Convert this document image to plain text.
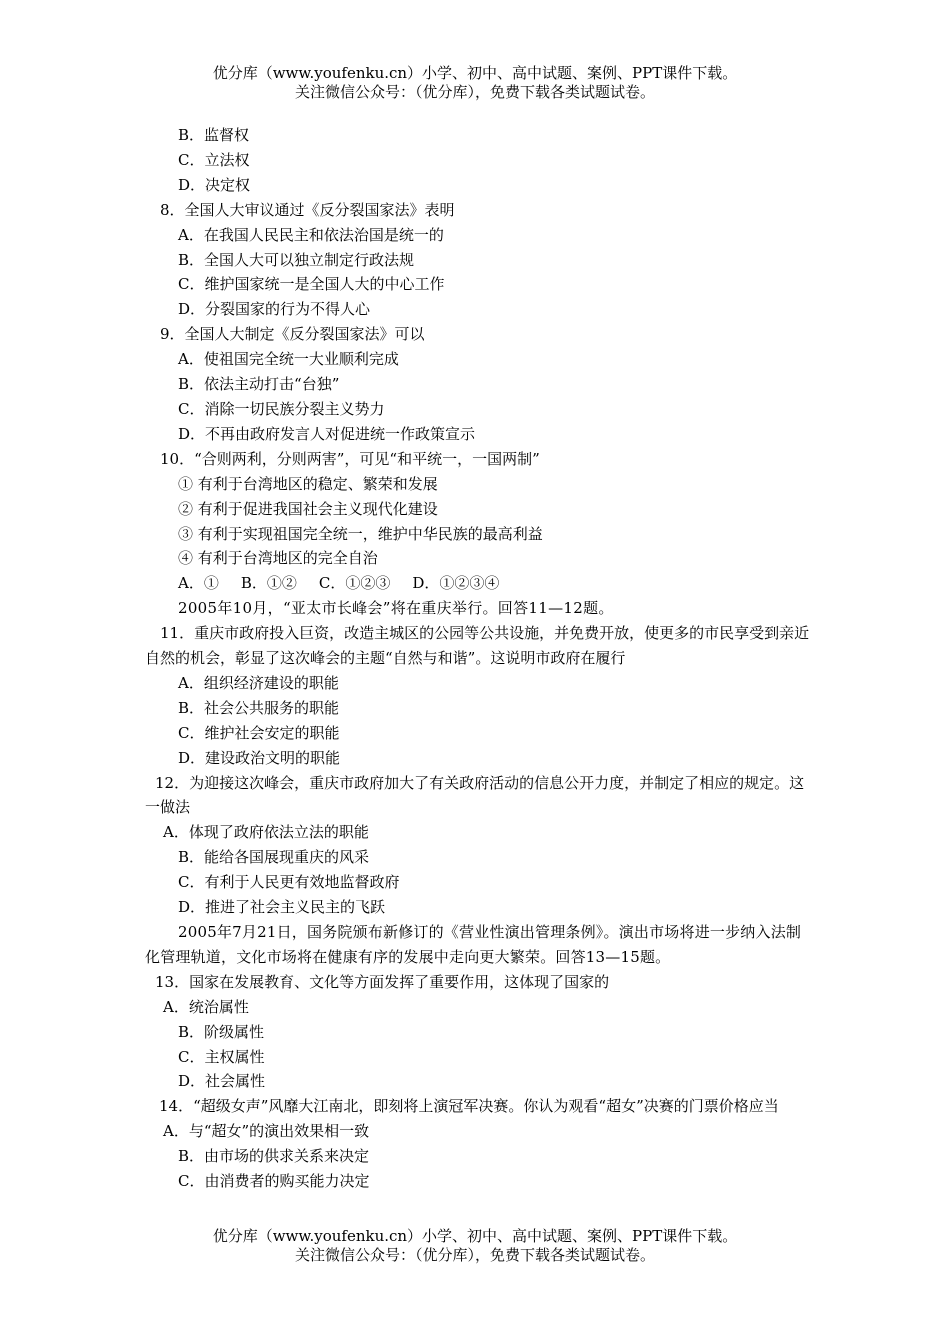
优分库（www.youfenku.cn）小学、初中、高中试题、案例、PPT课件下载。
关注微信公众号：（优分库），免费下载各类试题试卷。
B．监督权
C．立法权
D．决定权
8．全国人大审议通过《反分裂国家法》表明
A．在我国人民民主和依法治国是统一的
B．全国人大可以独立制定行政法规
C．维护国家统一是全国人大的中心工作
D．分裂国家的行为不得人心
9．全国人大制定《反分裂国家法》可以
A．使祖国完全统一大业顺利完成
B．依法主动打击“台独”
C．消除一切民族分裂主义势力
D．不再由政府发言人对促进统一作政策宣示
10．“合则两利，分则两害”，可见“和平统一，一国两制”
① 有利于台湾地区的稳定、繁荣和发展
② 有利于促进我国社会主义现代化建设
③ 有利于实现祖国完全统一，维护中华民族的最高利益
④ 有利于台湾地区的完全自治
A．① B．①② C．①②③ D．①②③④
2005年10月，“亚太市长峰会”将在重庆举行。回答11—12题。
11．重庆市政府投入巨资，改造主城区的公园等公共设施，并免费开放，使更多的市民享受到亲近自然的机会，彰显了这次峰会的主题“自然与和谐”。这说明市政府在履行
A．组织经济建设的职能
B．社会公共服务的职能
C．维护社会安定的职能
D．建设政治文明的职能
12．为迎接这次峰会，重庆市政府加大了有关政府活动的信息公开力度，并制定了相应的规定。这一做法
A．体现了政府依法立法的职能
B．能给各国展现重庆的风采
C．有利于人民更有效地监督政府
D．推进了社会主义民主的飞跃
2005年7月21日，国务院颁布新修订的《营业性演出管理条例》。演出市场将进一步纳入法制化管理轨道，文化市场将在健康有序的发展中走向更大繁荣。回答13—15题。
13．国家在发展教育、文化等方面发挥了重要作用，这体现了国家的
A．统治属性
B．阶级属性
C．主权属性
D．社会属性
14．“超级女声”风靡大江南北，即刻将上演冠军决赛。你认为观看“超女”决赛的门票价格应当
A．与“超女”的演出效果相一致
B．由市场的供求关系来决定
C．由消费者的购买能力决定
优分库（www.youfenku.cn）小学、初中、高中试题、案例、PPT课件下载。
关注微信公众号：（优分库），免费下载各类试题试卷。
